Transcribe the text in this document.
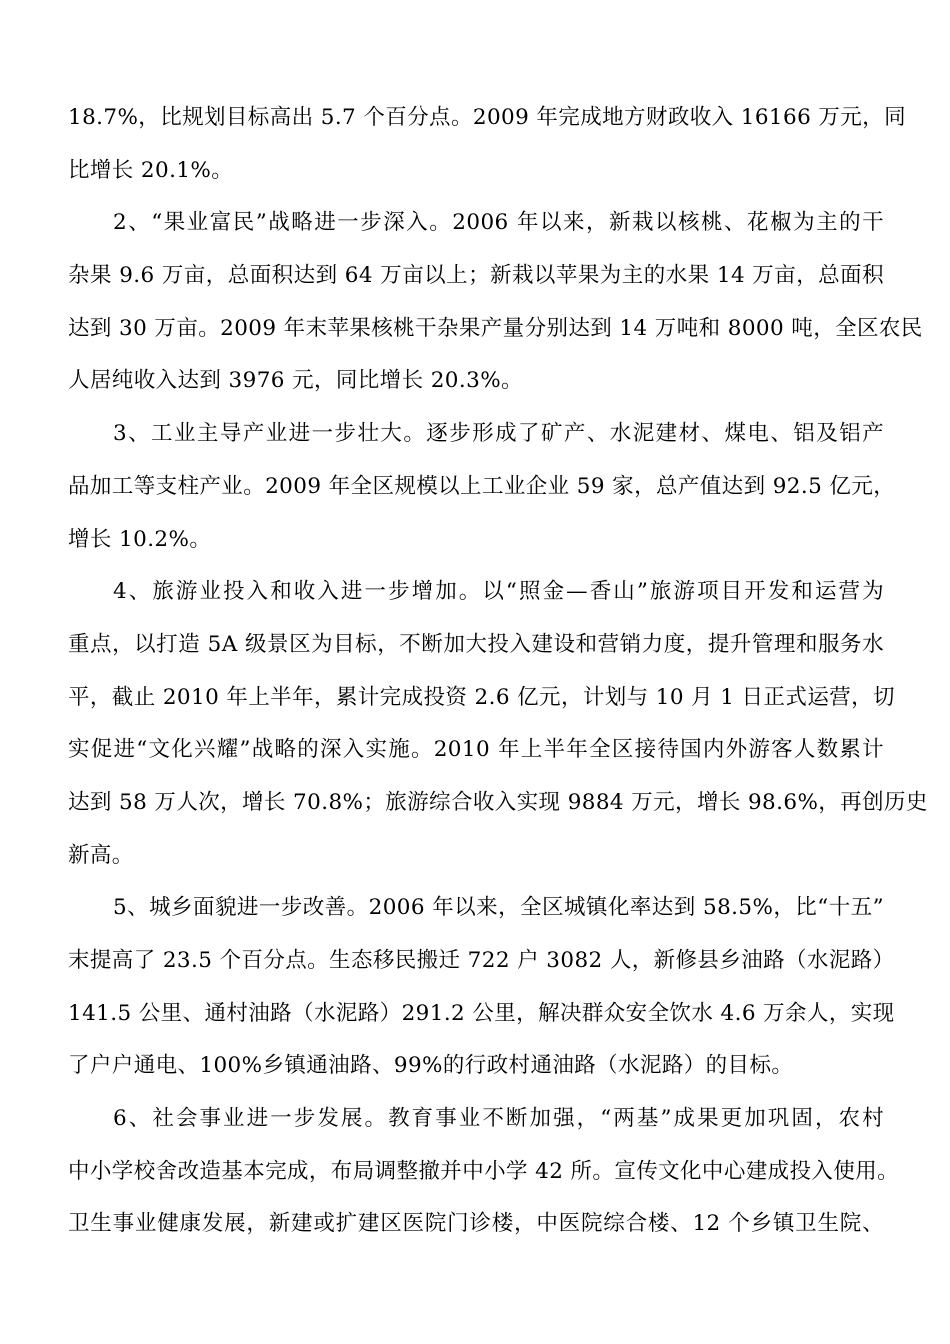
18.7%，比规划目标高出 5.7 个百分点。2009 年完成地方财政收入 16166 万元，同
比增长 20.1%。
2、“果业富民”战略进一步深入。2006 年以来，新栽以核桃、花椒为主的干
杂果 9.6 万亩，总面积达到 64 万亩以上；新栽以苹果为主的水果 14 万亩，总面积
达到 30 万亩。2009 年末苹果核桃干杂果产量分别达到 14 万吨和 8000 吨，全区农民
人居纯收入达到 3976 元，同比增长 20.3%。
3、工业主导产业进一步壮大。逐步形成了矿产、水泥建材、煤电、铝及铝产
品加工等支柱产业。2009 年全区规模以上工业企业 59 家，总产值达到 92.5 亿元，
增长 10.2%。
4、旅游业投入和收入进一步增加。以“照金—香山”旅游项目开发和运营为
重点，以打造 5A 级景区为目标，不断加大投入建设和营销力度，提升管理和服务水
平，截止 2010 年上半年，累计完成投资 2.6 亿元，计划与 10 月 1 日正式运营，切
实促进“文化兴耀”战略的深入实施。2010 年上半年全区接待国内外游客人数累计
达到 58 万人次，增长 70.8%；旅游综合收入实现 9884 万元，增长 98.6%，再创历史
新高。
5、城乡面貌进一步改善。2006 年以来，全区城镇化率达到 58.5%，比“十五”
末提高了 23.5 个百分点。生态移民搬迁 722 户 3082 人，新修县乡油路（水泥路）
141.5 公里、通村油路（水泥路）291.2 公里，解决群众安全饮水 4.6 万余人，实现
了户户通电、100%乡镇通油路、99%的行政村通油路（水泥路）的目标。
6、社会事业进一步发展。教育事业不断加强，“两基”成果更加巩固，农村
中小学校舍改造基本完成，布局调整撤并中小学 42 所。宣传文化中心建成投入使用。
卫生事业健康发展，新建或扩建区医院门诊楼，中医院综合楼、12 个乡镇卫生院、
